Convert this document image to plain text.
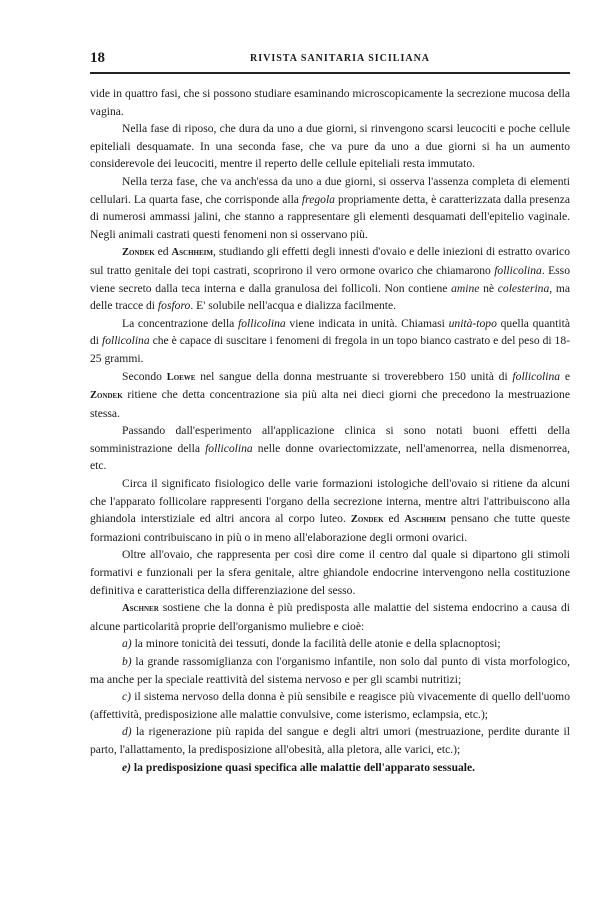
18	RIVISTA SANITARIA SICILIANA

vide in quattro fasi, che si possono studiare esaminando microscopicamente la secrezione mucosa della vagina.

Nella fase di riposo, che dura da uno a due giorni, si rinvengono scarsi leucociti e poche cellule epiteliali desquamate. In una seconda fase, che va pure da uno a due giorni si ha un aumento considerevole dei leucociti, mentre il reperto delle cellule epiteliali resta immutato.

Nella terza fase, che va anch'essa da uno a due giorni, si osserva l'assenza completa di elementi cellulari. La quarta fase, che corrisponde alla fregola propriamente detta, è caratterizzata dalla presenza di numerosi ammassi jalini, che stanno a rappresentare gli elementi desquamati dell'epitelio vaginale. Negli animali castrati questi fenomeni non si osservano più.

Zondek ed Aschheim, studiando gli effetti degli innesti d'ovaio e delle iniezioni di estratto ovarico sul tratto genitale dei topi castrati, scoprirono il vero ormone ovarico che chiamarono follicolina. Esso viene secreto dalla teca interna e dalla granulosa dei follicoli. Non contiene amine nè colesterina, ma delle tracce di fosforo. E' solubile nell'acqua e dializza facilmente.

La concentrazione della follicolina viene indicata in unità. Chiamasi unità-topo quella quantità di follicolina che è capace di suscitare i fenomeni di fregola in un topo bianco castrato e del peso di 18-25 grammi.

Secondo Loewe nel sangue della donna mestruante si troverebbero 150 unità di follicolina e Zondek ritiene che detta concentrazione sia più alta nei dieci giorni che precedono la mestruazione stessa.

Passando dall'esperimento all'applicazione clinica si sono notati buoni effetti della somministrazione della follicolina nelle donne ovariectomizzate, nell'amenorrea, nella dismenorrea, etc.

Circa il significato fisiologico delle varie formazioni istologiche dell'ovaio si ritiene da alcuni che l'apparato follicolare rappresenti l'organo della secrezione interna, mentre altri l'attribuiscono alla ghiandola interstiziale ed altri ancora al corpo luteo. Zondek ed Aschheim pensano che tutte queste formazioni contribuiscano in più o in meno all'elaborazione degli ormoni ovarici.

Oltre all'ovaio, che rappresenta per così dire come il centro dal quale si dipartono gli stimoli formativi e funzionali per la sfera genitale, altre ghiandole endocrine intervengono nella costituzione definitiva e caratteristica della differenziazione del sesso.

Aschner sostiene che la donna è più predisposta alle malattie del sistema endocrino a causa di alcune particolarità proprie dell'organismo muliebre e cioè:

a) la minore tonicità dei tessuti, donde la facilità delle atonie e della splacnoptosi;

b) la grande rassomiglianza con l'organismo infantile, non solo dal punto di vista morfologico, ma anche per la speciale reattività del sistema nervoso e per gli scambi nutritizi;

c) il sistema nervoso della donna è più sensibile e reagisce più vivacemente di quello dell'uomo (affettività, predisposizione alle malattie convulsive, come isterismo, eclampsia, etc.);

d) la rigenerazione più rapida del sangue e degli altri umori (mestruazione, perdite durante il parto, l'allattamento, la predisposizione all'obesità, alla pletora, alle varici, etc.);

e) la predisposizione quasi specifica alle malattie dell'apparato sessuale.
